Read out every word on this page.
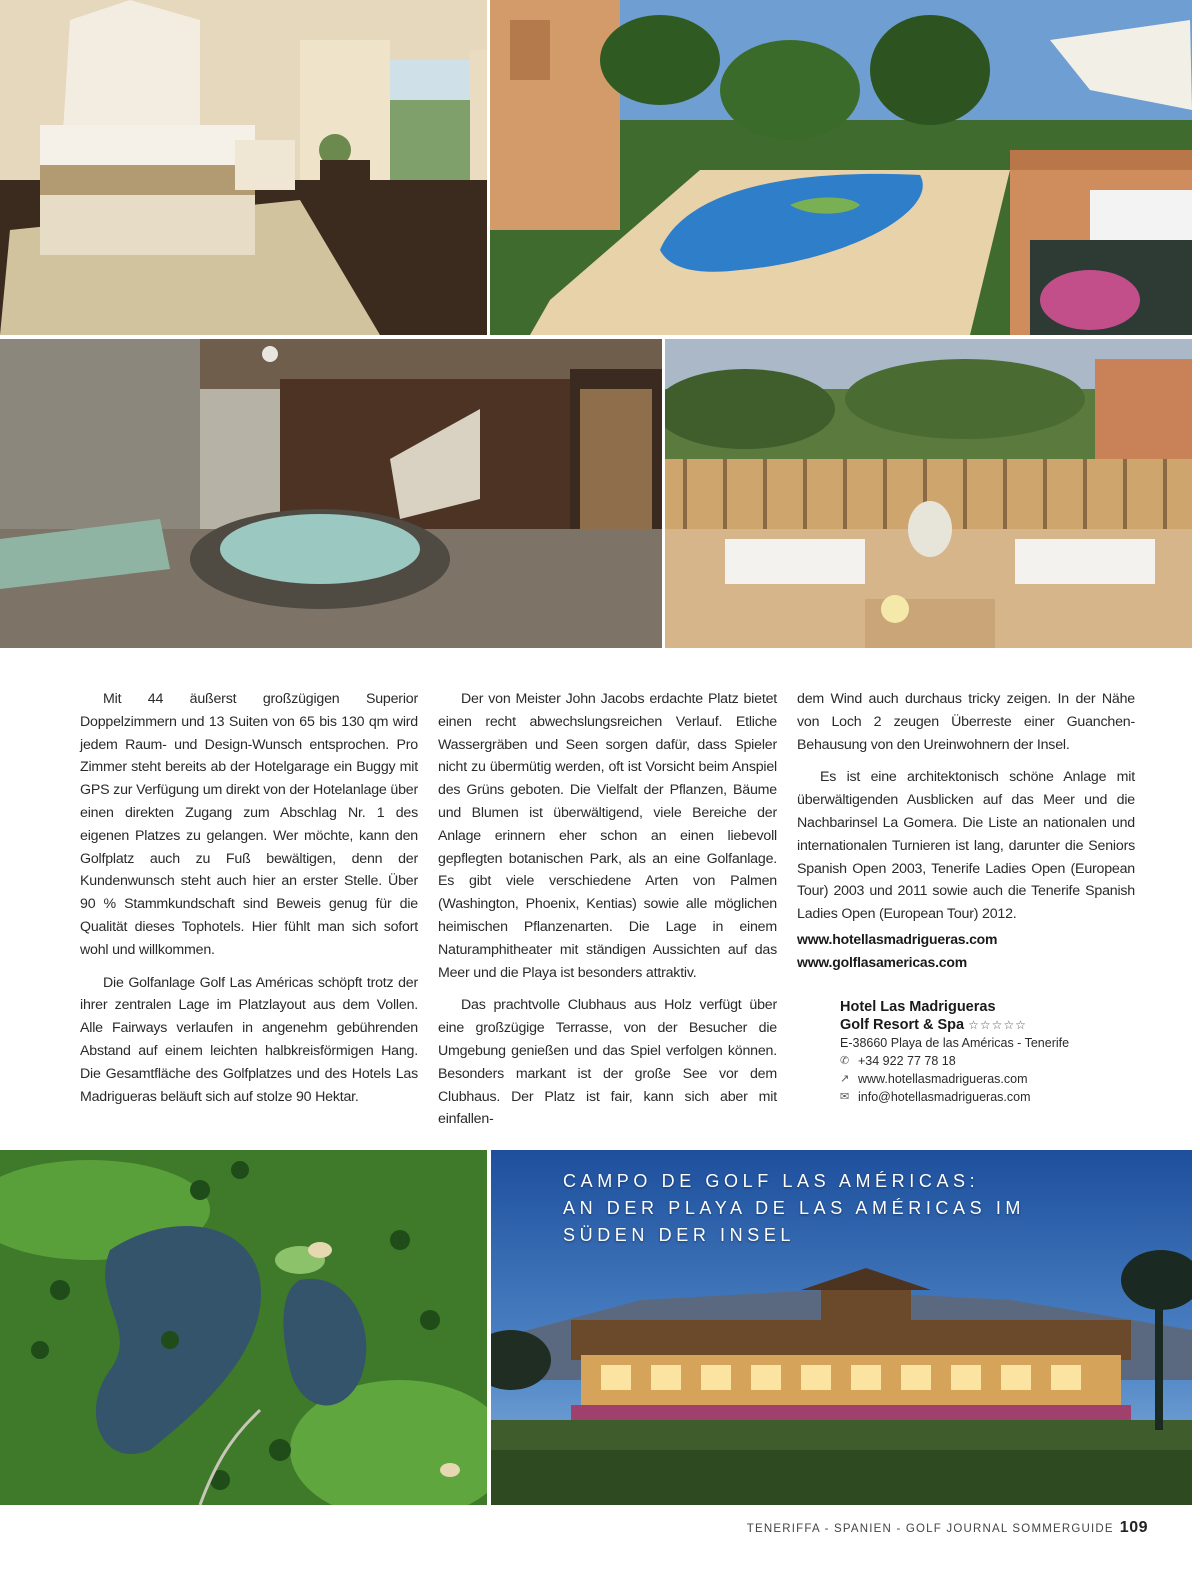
Mit 44 äußerst großzügigen Superior Doppelzimmern und 13 Suiten von 65 bis 130 qm wird jedem Raum- und Design-Wunsch entsprochen. Pro Zimmer steht bereits ab der Hotelgarage ein Buggy mit GPS zur Verfügung um direkt von der Hotelanlage über einen direkten Zugang zum Abschlag Nr. 1 des eigenen Platzes zu gelangen. Wer möchte, kann den Golfplatz auch zu Fuß bewältigen, denn der Kundenwunsch steht auch hier an erster Stelle. Über 90 % Stammkundschaft sind Beweis genug für die Qualität dieses Tophotels. Hier fühlt man sich sofort wohl und willkommen.

Die Golfanlage Golf Las Américas schöpft trotz der ihrer zentralen Lage im Platzlayout aus dem Vollen. Alle Fairways verlaufen in angenehm gebührenden Abstand auf einem leichten halbkreisförmigen Hang. Die Gesamtfläche des Golfplatzes und des Hotels Las Madrigueras beläuft sich auf stolze 90 Hektar.

Der von Meister John Jacobs erdachte Platz bietet einen recht abwechslungsreichen Verlauf. Etliche Wassergräben und Seen sorgen dafür, dass Spieler nicht zu übermütig werden, oft ist Vorsicht beim Anspiel des Grüns geboten. Die Vielfalt der Pflanzen, Bäume und Blumen ist überwältigend, viele Bereiche der Anlage erinnern eher schon an einen liebevoll gepflegten botanischen Park, als an eine Golfanlage. Es gibt viele verschiedene Arten von Palmen (Washington, Phoenix, Kentias) sowie alle möglichen heimischen Pflanzenarten. Die Lage in einem Naturamphitheater mit ständigen Aussichten auf das Meer und die Playa ist besonders attraktiv.

Das prachtvolle Clubhaus aus Holz verfügt über eine großzügige Terrasse, von der Besucher die Umgebung genießen und das Spiel verfolgen können. Besonders markant ist der große See vor dem Clubhaus. Der Platz ist fair, kann sich aber mit einfallen-

dem Wind auch durchaus tricky zeigen. In der Nähe von Loch 2 zeugen Überreste einer Guanchen-Behausung von den Ureinwohnern der Insel.

Es ist eine architektonisch schöne Anlage mit überwältigenden Ausblicken auf das Meer und die Nachbarinsel La Gomera. Die Liste an nationalen und internationalen Turnieren ist lang, darunter die Seniors Spanish Open 2003, Tenerife Ladies Open (European Tour) 2003 und 2011 sowie auch die Tenerife Spanish Ladies Open (European Tour) 2012.

www.hotellasmadrigueras.com
www.golflasamericas.com
Hotel Las Madrigueras
Golf Resort & Spa ☆☆☆☆☆
E-38660 Playa de las Américas - Tenerife
✆ +34 922 77 78 18
↗ www.hotellasmadrigueras.com
✉ info@hotellasmadrigueras.com
CAMPO DE GOLF LAS AMÉRICAS:
AN DER PLAYA DE LAS AMÉRICAS IM
SÜDEN DER INSEL
TENERIFFA - SPANIEN - GOLF JOURNAL SOMMERGUIDE 109
